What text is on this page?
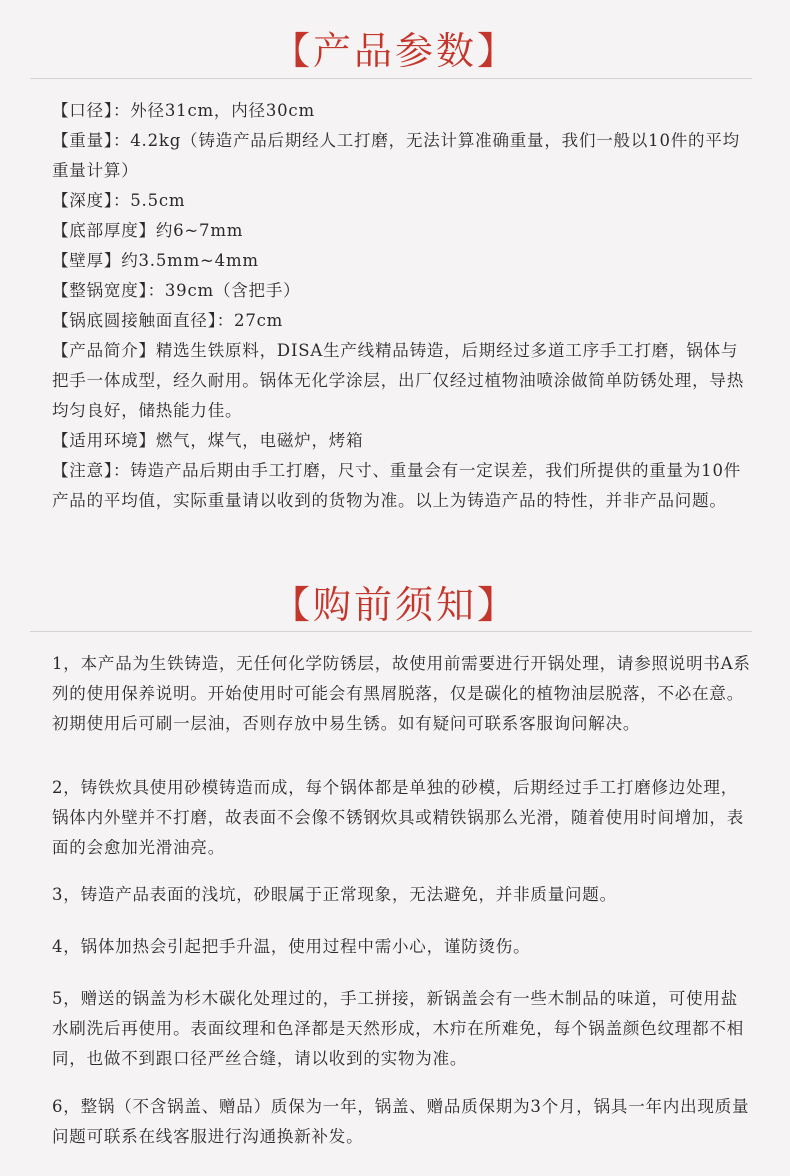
【产品参数】
【口径】：外径31cm，内径30cm
【重量】：4.2kg（铸造产品后期经人工打磨，无法计算准确重量，我们一般以10件的平均重量计算）
【深度】：5.5cm
【底部厚度】约6~7mm
【壁厚】约3.5mm~4mm
【整锅宽度】：39cm（含把手）
【锅底圆接触面直径】：27cm
【产品简介】精选生铁原料，DISA生产线精品铸造，后期经过多道工序手工打磨，锅体与把手一体成型，经久耐用。锅体无化学涂层，出厂仅经过植物油喷涂做简单防锈处理，导热均匀良好，储热能力佳。
【适用环境】燃气，煤气，电磁炉，烤箱
【注意】：铸造产品后期由手工打磨，尺寸、重量会有一定误差，我们所提供的重量为10件产品的平均值，实际重量请以收到的货物为准。以上为铸造产品的特性，并非产品问题。
【购前须知】
1，本产品为生铁铸造，无任何化学防锈层，故使用前需要进行开锅处理，请参照说明书A系列的使用保养说明。开始使用时可能会有黑屑脱落，仅是碳化的植物油层脱落，不必在意。初期使用后可刷一层油，否则存放中易生锈。如有疑问可联系客服询问解决。
2，铸铁炊具使用砂模铸造而成，每个锅体都是单独的砂模，后期经过手工打磨修边处理，锅体内外壁并不打磨，故表面不会像不锈钢炊具或精铁锅那么光滑，随着使用时间增加，表面的会愈加光滑油亮。
3，铸造产品表面的浅坑，砂眼属于正常现象，无法避免，并非质量问题。
4，锅体加热会引起把手升温，使用过程中需小心，谨防烫伤。
5，赠送的锅盖为杉木碳化处理过的，手工拼接，新锅盖会有一些木制品的味道，可使用盐水刷洗后再使用。表面纹理和色泽都是天然形成，木疖在所难免，每个锅盖颜色纹理都不相同，也做不到跟口径严丝合缝，请以收到的实物为准。
6，整锅（不含锅盖、赠品）质保为一年，锅盖、赠品质保期为3个月，锅具一年内出现质量问题可联系在线客服进行沟通换新补发。
